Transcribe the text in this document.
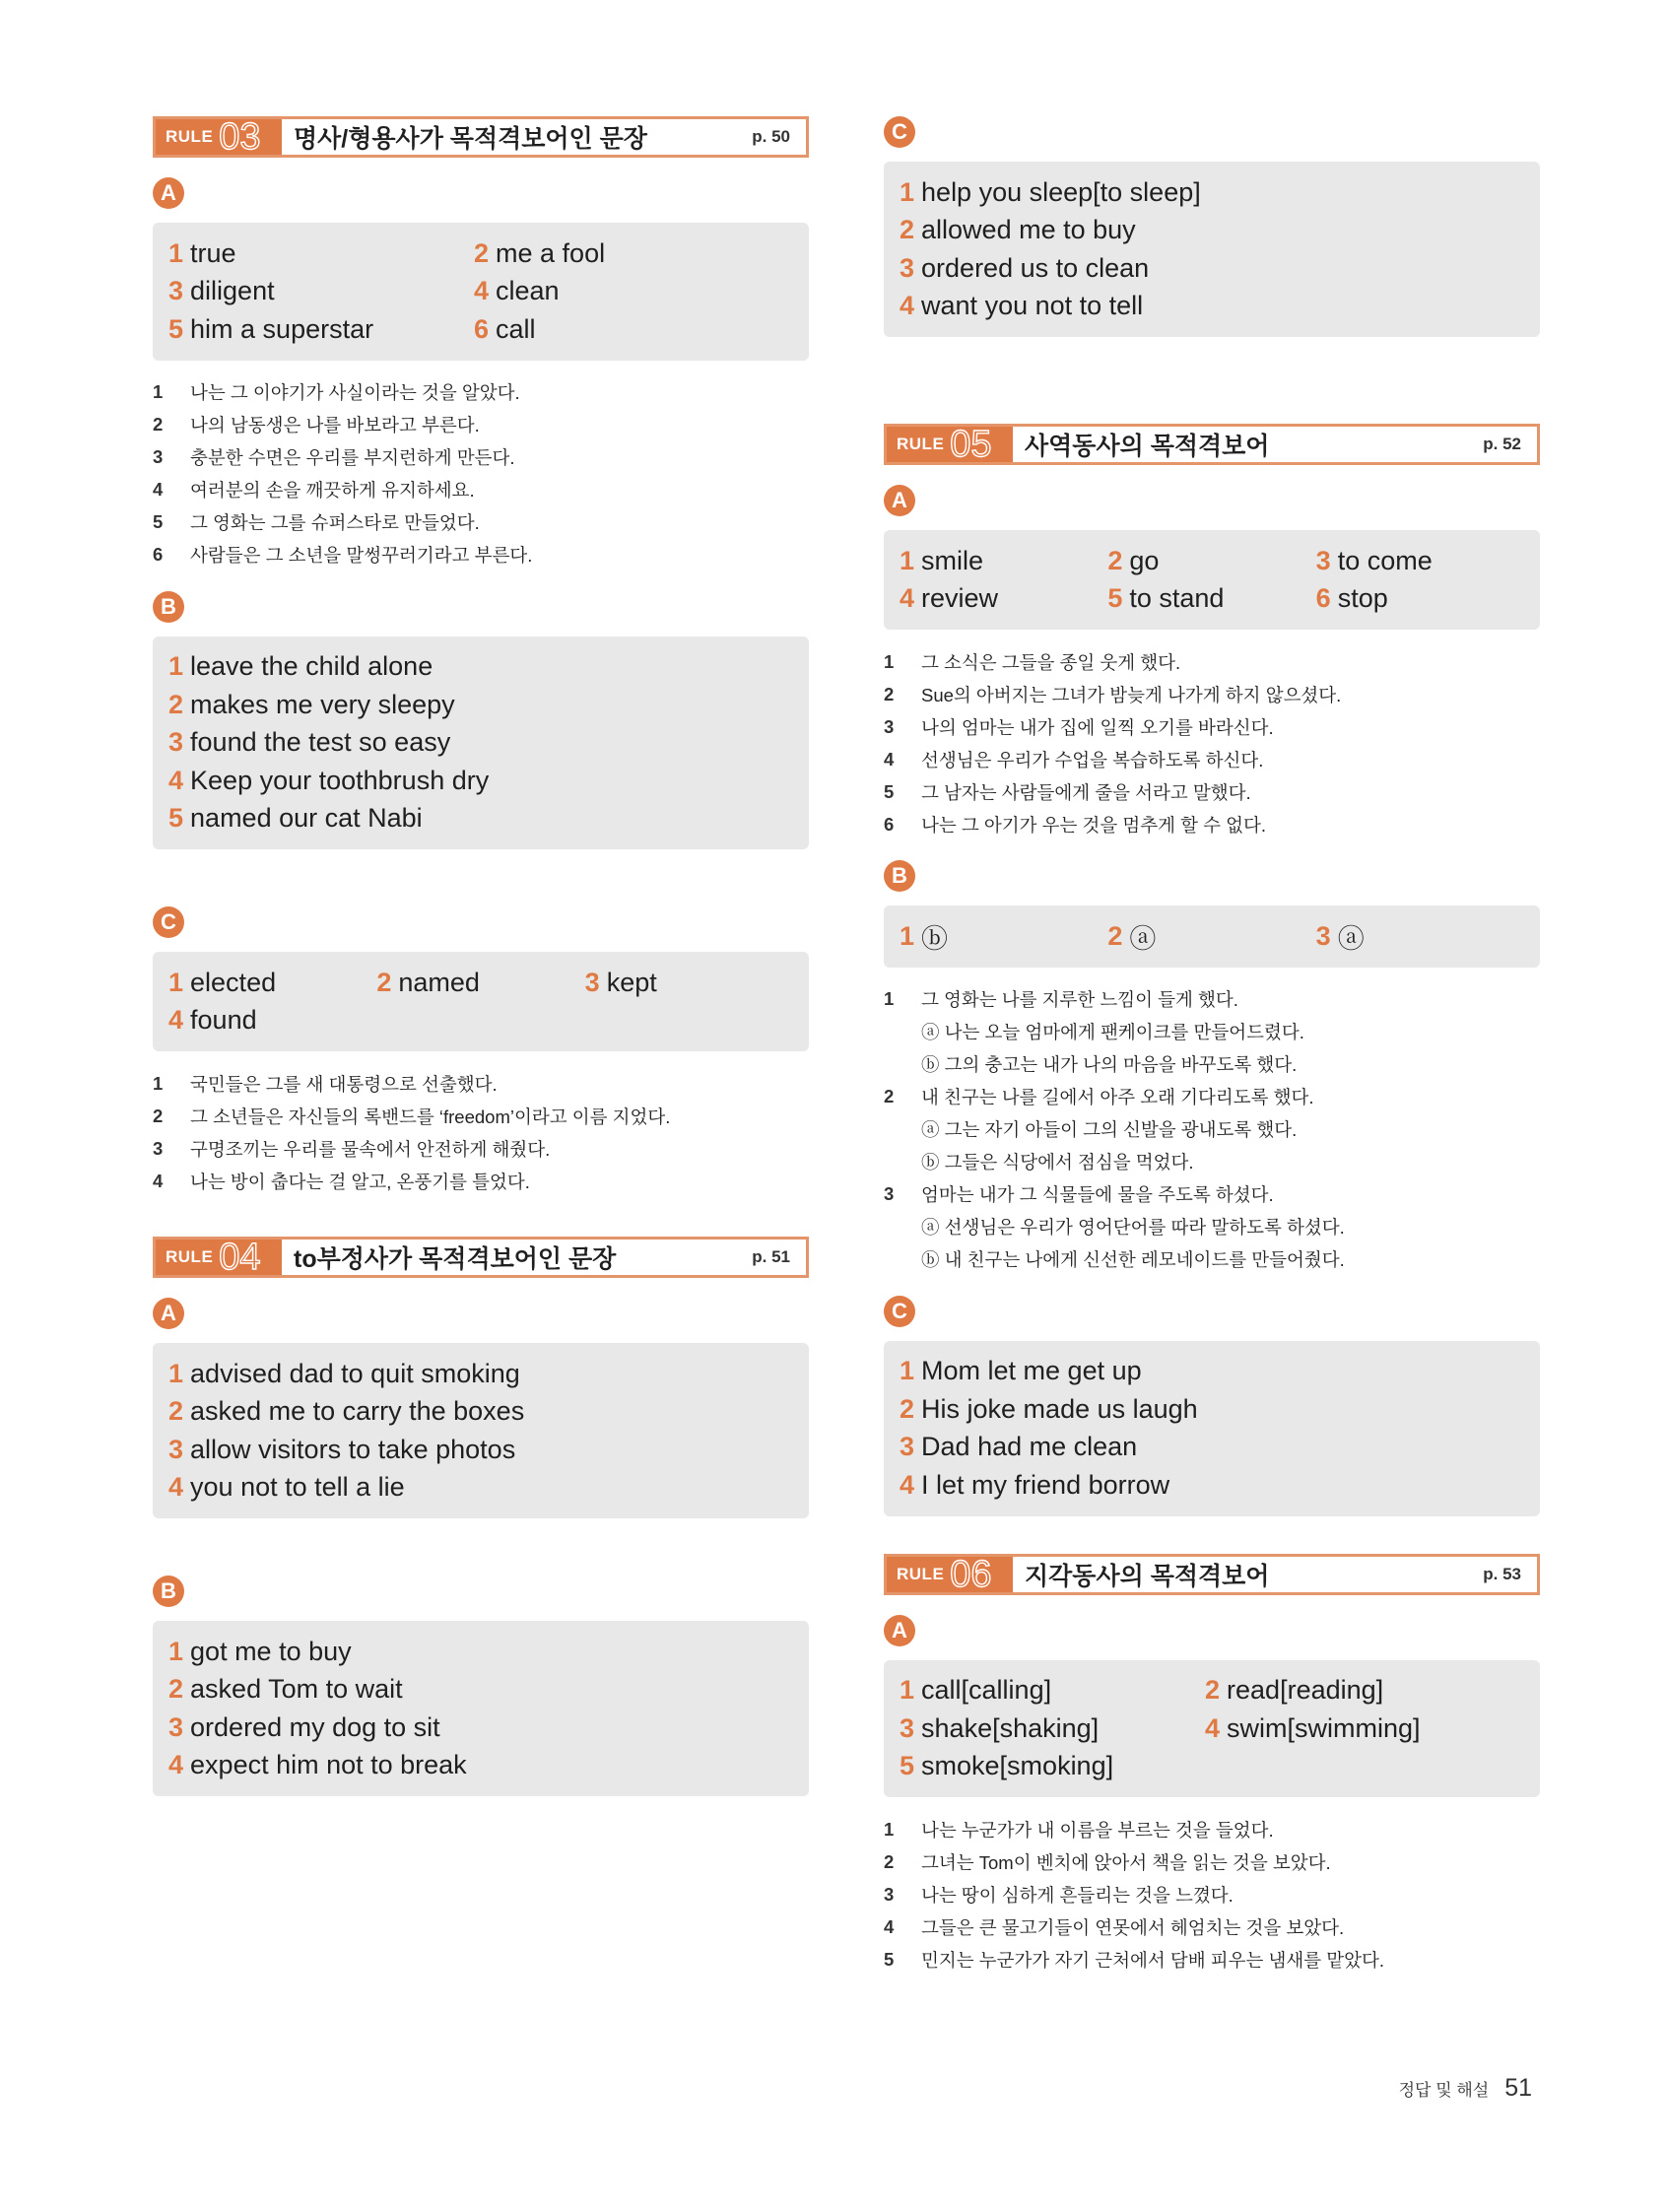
RULE 03 명사/형용사가 목적격보어인 문장	p. 50
A
1 true	2 me a fool
3 diligent	4 clean
5 him a superstar	6 call
1	나는 그 이야기가 사실이라는 것을 알았다.
2	나의 남동생은 나를 바보라고 부른다.
3	충분한 수면은 우리를 부지런하게 만든다.
4	여러분의 손을 깨끗하게 유지하세요.
5	그 영화는 그를 슈퍼스타로 만들었다.
6	사람들은 그 소년을 말썽꾸러기라고 부른다.
B
1 leave the child alone
2 makes me very sleepy
3 found the test so easy
4 Keep your toothbrush dry
5 named our cat Nabi
C
1 elected	2 named	3 kept
4 found
1	국민들은 그를 새 대통령으로 선출했다.
2	그 소년들은 자신들의 록밴드를 ‘freedom’이라고 이름 지었다.
3	구명조끼는 우리를 물속에서 안전하게 해줬다.
4	나는 방이 춥다는 걸 알고, 온풍기를 틀었다.
RULE 04 to부정사가 목적격보어인 문장	p. 51
A
1 advised dad to quit smoking
2 asked me to carry the boxes
3 allow visitors to take photos
4 you not to tell a lie
B
1 got me to buy
2 asked Tom to wait
3 ordered my dog to sit
4 expect him not to break
C
1 help you sleep[to sleep]
2 allowed me to buy
3 ordered us to clean
4 want you not to tell
RULE 05 사역동사의 목적격보어	p. 52
A
1 smile	2 go	3 to come
4 review	5 to stand	6 stop
1	그 소식은 그들을 종일 웃게 했다.
2	Sue의 아버지는 그녀가 밤늦게 나가게 하지 않으셨다.
3	나의 엄마는 내가 집에 일찍 오기를 바라신다.
4	선생님은 우리가 수업을 복습하도록 하신다.
5	그 남자는 사람들에게 줄을 서라고 말했다.
6	나는 그 아기가 우는 것을 멈추게 할 수 없다.
B
1 ⓑ	2 ⓐ	3 ⓐ
1	그 영화는 나를 지루한 느낌이 들게 했다.
ⓐ 나는 오늘 엄마에게 팬케이크를 만들어드렸다.
ⓑ 그의 충고는 내가 나의 마음을 바꾸도록 했다.
2	내 친구는 나를 길에서 아주 오래 기다리도록 했다.
ⓐ 그는 자기 아들이 그의 신발을 광내도록 했다.
ⓑ 그들은 식당에서 점심을 먹었다.
3	엄마는 내가 그 식물들에 물을 주도록 하셨다.
ⓐ 선생님은 우리가 영어단어를 따라 말하도록 하셨다.
ⓑ 내 친구는 나에게 신선한 레모네이드를 만들어줬다.
C
1 Mom let me get up
2 His joke made us laugh
3 Dad had me clean
4 I let my friend borrow
RULE 06 지각동사의 목적격보어	p. 53
A
1 call[calling]	2 read[reading]
3 shake[shaking]	4 swim[swimming]
5 smoke[smoking]
1	나는 누군가가 내 이름을 부르는 것을 들었다.
2	그녀는 Tom이 벤치에 앉아서 책을 읽는 것을 보았다.
3	나는 땅이 심하게 흔들리는 것을 느꼈다.
4	그들은 큰 물고기들이 연못에서 헤엄치는 것을 보았다.
5	민지는 누군가가 자기 근처에서 담배 피우는 냄새를 맡았다.
정답 및 해설 51
